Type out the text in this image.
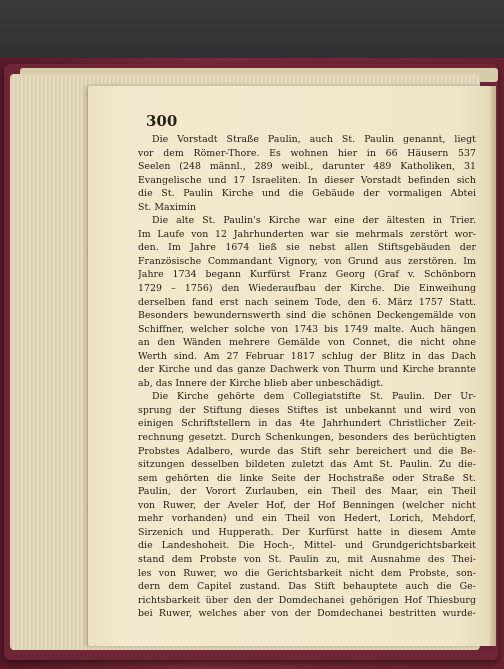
300
Die Vorstadt Straße Paulin, auch St. Paulin genannt, liegt
vor dem Römer-Thore. Es wohnen hier in 66 Häusern 537
Seelen (248 männl., 289 weibl., darunter 489 Katholiken, 31
Evangelische und 17 Israeliten. In dieser Vorstadt befinden sich
die St. Paulin Kirche und die Gebäude der vormaligen Abtei
St. Maximin
Die alte St. Paulin's Kirche war eine der ältesten in Trier.
Im Laufe von 12 Jahrhunderten war sie mehrmals zerstört wor-
den. Im Jahre 1674 ließ sie nebst allen Stiftsgebäuden der
Französische Commandant Vignory, von Grund aus zerstören. Im
Jahre 1734 begann Kurfürst Franz Georg (Graf v. Schönborn
1729 – 1756) den Wiederaufbau der Kirche. Die Einweihung
derselben fand erst nach seinem Tode, den 6. März 1757 Statt.
Besonders bewundernswerth sind die schönen Deckengemälde von
Schiffner, welcher solche von 1743 bis 1749 malte. Auch hängen
an den Wänden mehrere Gemälde von Connet, die nicht ohne
Werth sind. Am 27 Februar 1817 schlug der Blitz in das Dach
der Kirche und das ganze Dachwerk von Thurm und Kirche brannte
ab, das Innere der Kirche blieb aber unbeschädigt.
Die Kirche gehörte dem Collegiatstifte St. Paulin. Der Ur-
sprung der Stiftung dieses Stiftes ist unbekannt und wird von
einigen Schriftstellern in das 4te Jahrhundert Christlicher Zeit-
rechnung gesetzt. Durch Schenkungen, besonders des berüchtigten
Probstes Adalbero, wurde das Stift sehr bereichert und die Be-
sitzungen desselben bildeten zuletzt das Amt St. Paulin. Zu die-
sem gehörten die linke Seite der Hochstraße oder Straße St.
Paulin, der Vorort Zurlauben, ein Theil des Maar, ein Theil
von Ruwer, der Aveler Hof, der Hof Benningen (welcher nicht
mehr vorhanden) und ein Theil von Hedert, Lorich, Mehdorf,
Sirzenich und Hupperath. Der Kurfürst hatte in diesem Amte
die Landeshoheit. Die Hoch-, Mittel- und Grundgerichtsbarkeit
stand dem Probste von St. Paulin zu, mit Ausnahme des Thei-
les von Ruwer, wo die Gerichtsbarkeit nicht dem Probste, son-
dern dem Capitel zustand. Das Stift behauptete auch die Ge-
richtsbarkeit über den der Domdechanei gehörigen Hof Thiesburg
bei Ruwer, welches aber von der Domdechanei bestritten wurde-
